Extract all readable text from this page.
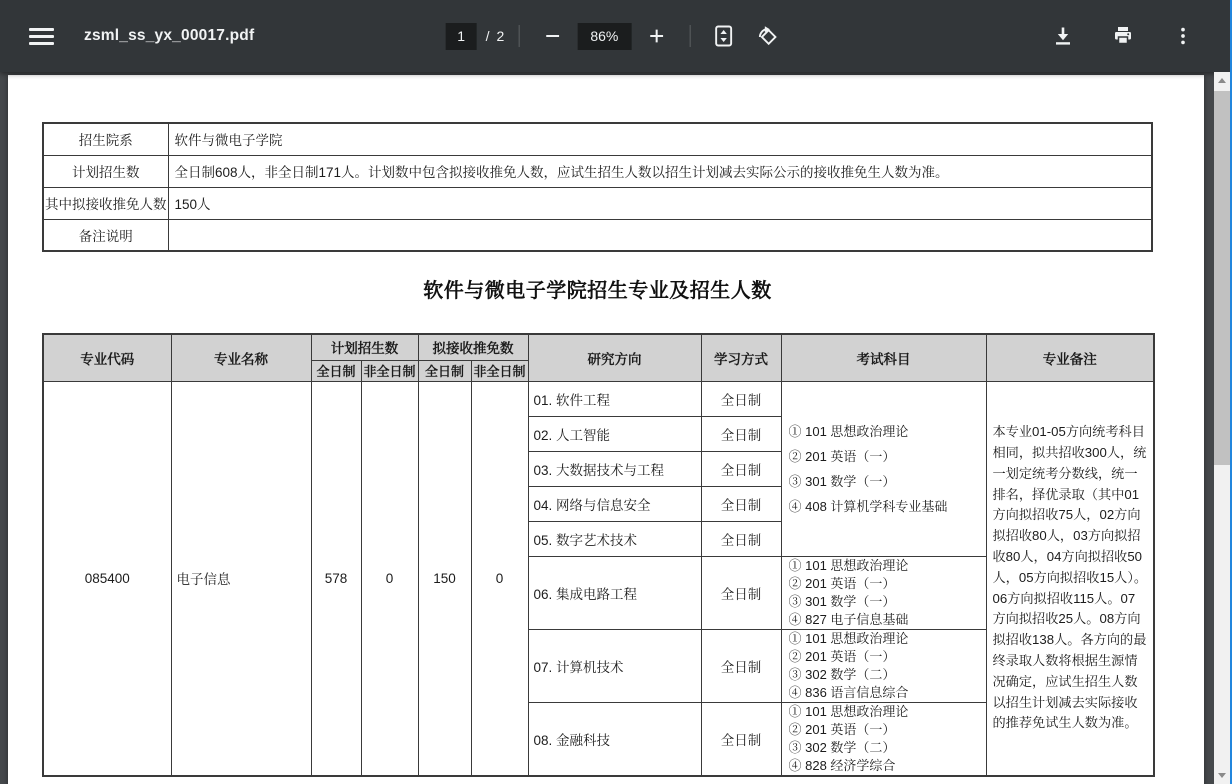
zsml_ss_yx_00017.pdf	1	/ 2	86%
招生院系	软件与微电子学院
计划招生数	全日制608人，非全日制171人。计划数中包含拟接收推免人数，应试生招生人数以招生计划减去实际公示的接收推免生人数为准。
其中拟接收推免人数	150人
备注说明	
软件与微电子学院招生专业及招生人数
专业代码	专业名称	计划招生数		拟接收推免数		研究方向	学习方式	考试科目	专业备注
		全日制	非全日制	全日制	非全日制				
085400	电子信息	578	0	150	0	01. 软件工程	全日制	① 101 思想政治理论
② 201 英语（一）
③ 301 数学（一）
④ 408 计算机学科专业基础	本专业01-05方向统考科目相同，拟共招收300人，统一划定统考分数线，统一排名，择优录取（其中01方向拟招收75人，02方向拟招收80人，03方向拟招收80人，04方向拟招收50人，05方向拟招收15人）。　06方向拟招收115人。07方向拟招收25人。08方向拟招收138人。各方向的最终录取人数将根据生源情况确定，应试生招生人数以招生计划减去实际接收的推荐免试生人数为准。
						02. 人工智能	全日制		
						03. 大数据技术与工程	全日制		
						04. 网络与信息安全	全日制		
						05. 数字艺术技术	全日制		
						06. 集成电路工程	全日制	① 101 思想政治理论
② 201 英语（一）
③ 301 数学（一）
④ 827 电子信息基础	

						07. 计算机技术	全日制	① 101 思想政治理论
② 201 英语（一）
③ 302 数学（二）
④ 836 语言信息综合	

						08. 金融科技	全日制	① 101 思想政治理论
② 201 英语（一）
③ 302 数学（二）
④ 828 经济学综合	
